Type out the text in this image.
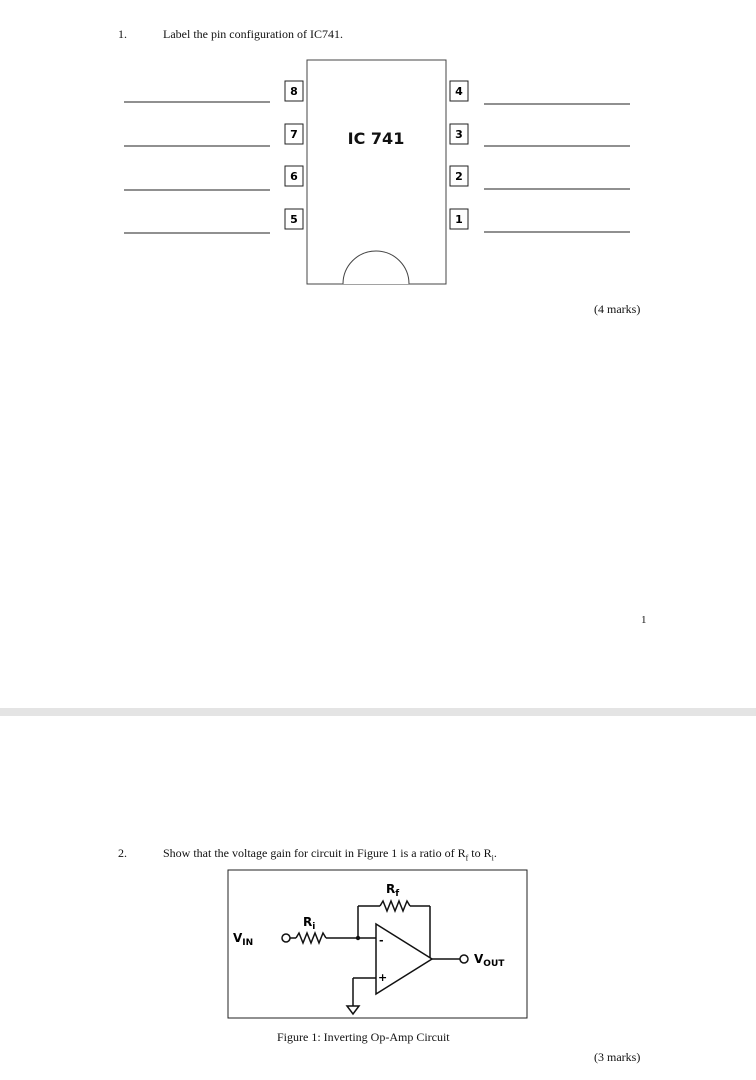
1.	Label the pin configuration of IC741.
IC 741
8
7
6
5
4
3
2
1
(4 marks)
1
2.	Show that the voltage gain for circuit in Figure 1 is a ratio of $R_f$ to $R_i$.
$V_{IN}$
$R_i$
$R_f$
-
+
$V_{OUT}$
Figure 1: Inverting Op-Amp Circuit
(3 marks)
